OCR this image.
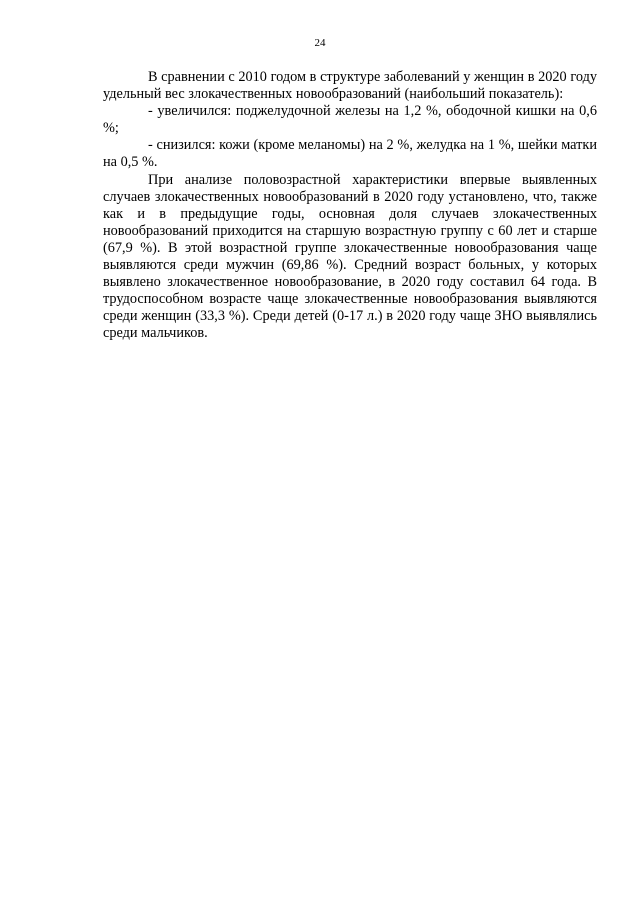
24

В сравнении с 2010 годом в структуре заболеваний у женщин в 2020 году удельный вес злокачественных новообразований (наибольший показатель):

- увеличился: поджелудочной железы на 1,2 %, ободочной кишки на 0,6 %;

- снизился: кожи (кроме меланомы) на 2 %, желудка на 1 %, шейки матки на 0,5 %.

При анализе половозрастной характеристики впервые выявленных случаев злокачественных новообразований в 2020 году установлено, что, также как и в предыдущие годы, основная доля случаев злокачественных новообразований приходится на старшую возрастную группу с 60 лет и старше (67,9 %). В этой возрастной группе злокачественные новообразования чаще выявляются среди мужчин (69,86 %). Средний возраст больных, у которых выявлено злокачественное новообразование, в 2020 году составил 64 года. В трудоспособном возрасте чаще злокачественные новообразования выявляются среди женщин (33,3 %). Среди детей (0-17 л.) в 2020 году чаще ЗНО выявлялись среди мальчиков.
